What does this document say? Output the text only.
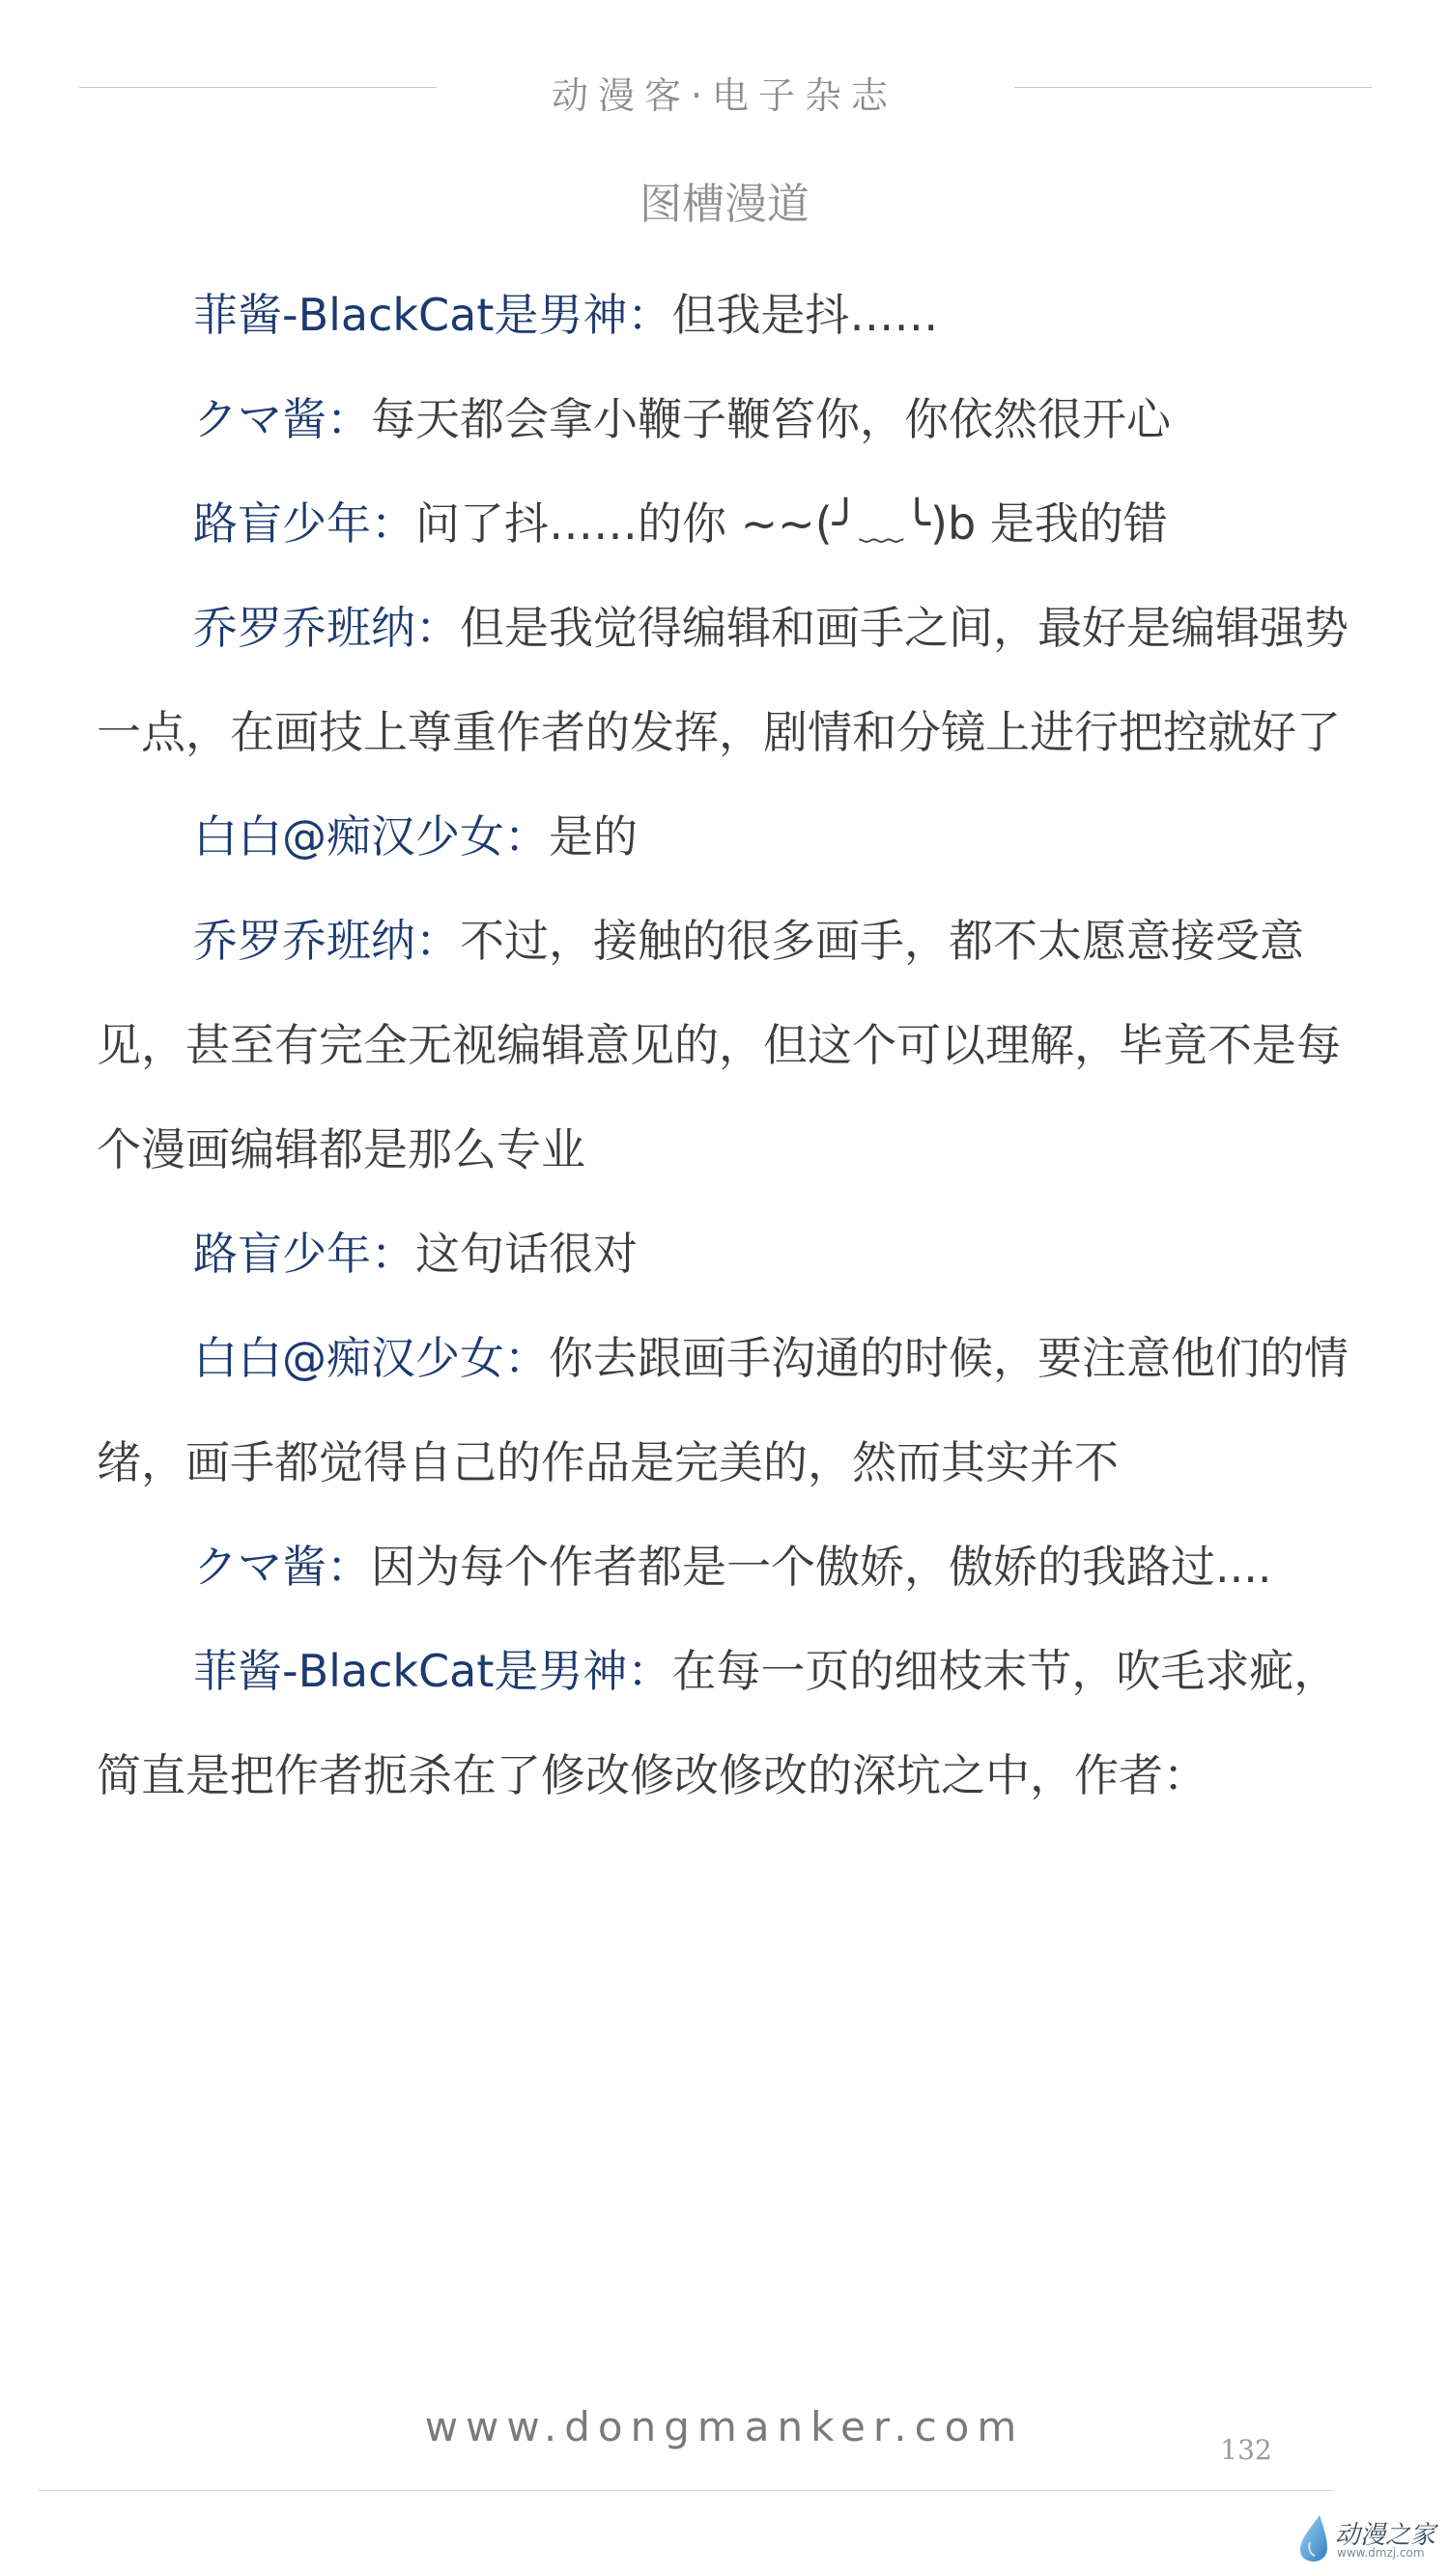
动漫客·电子杂志
图槽漫道

菲酱-BlackCat是男神：但我是抖……

クマ酱：每天都会拿小鞭子鞭笞你，你依然很开心

路盲少年：问了抖……的你 ~~(╯﹏╰)b 是我的错

乔罗乔班纳：但是我觉得编辑和画手之间，最好是编辑强势一点，在画技上尊重作者的发挥，剧情和分镜上进行把控就好了

白白@痴汉少女：是的

乔罗乔班纳：不过，接触的很多画手，都不太愿意接受意见，甚至有完全无视编辑意见的，但这个可以理解，毕竟不是每个漫画编辑都是那么专业

路盲少年：这句话很对

白白@痴汉少女：你去跟画手沟通的时候，要注意他们的情绪，画手都觉得自己的作品是完美的，然而其实并不

クマ酱：因为每个作者都是一个傲娇，傲娇的我路过....

菲酱-BlackCat是男神：在每一页的细枝末节，吹毛求疵，简直是把作者扼杀在了修改修改修改的深坑之中，作者：

www.dongmanker.com	132
动漫之家
www.dmzj.com
